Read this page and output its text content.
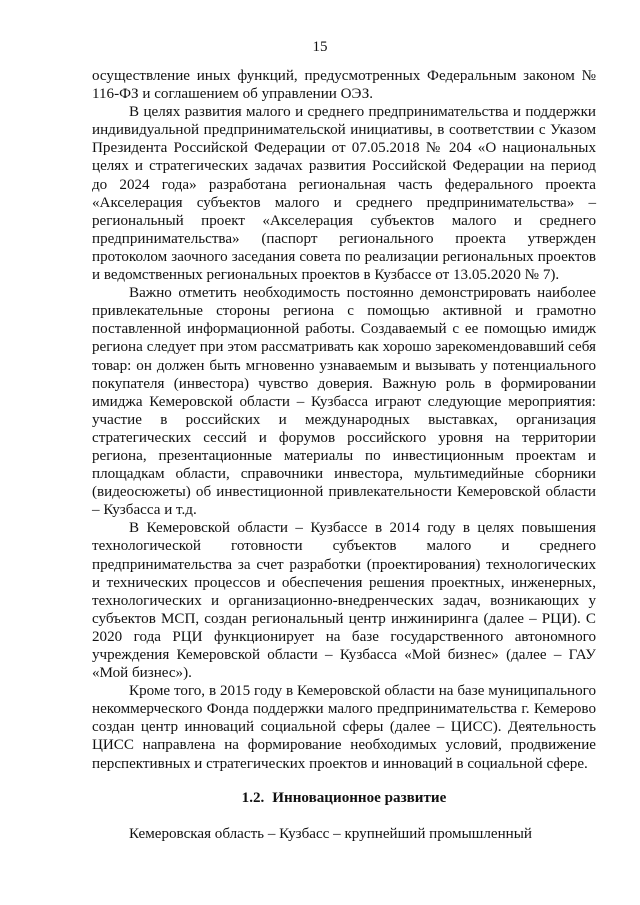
15

осуществление иных функций, предусмотренных Федеральным законом № 116-ФЗ и соглашением об управлении ОЭЗ.

В целях развития малого и среднего предпринимательства и поддержки индивидуальной предпринимательской инициативы, в соответствии с Указом Президента Российской Федерации от 07.05.2018 № 204 «О национальных целях и стратегических задачах развития Российской Федерации на период до 2024 года» разработана региональная часть федерального проекта «Акселерация субъектов малого и среднего предпринимательства» – региональный проект «Акселерация субъектов малого и среднего предпринимательства» (паспорт регионального проекта утвержден протоколом заочного заседания совета по реализации региональных проектов и ведомственных региональных проектов в Кузбассе от 13.05.2020 № 7).

Важно отметить необходимость постоянно демонстрировать наиболее привлекательные стороны региона с помощью активной и грамотно поставленной информационной работы. Создаваемый с ее помощью имидж региона следует при этом рассматривать как хорошо зарекомендовавший себя товар: он должен быть мгновенно узнаваемым и вызывать у потенциального покупателя (инвестора) чувство доверия. Важную роль в формировании имиджа Кемеровской области – Кузбасса играют следующие мероприятия: участие в российских и международных выставках, организация стратегических сессий и форумов российского уровня на территории региона, презентационные материалы по инвестиционным проектам и площадкам области, справочники инвестора, мультимедийные сборники (видеосюжеты) об инвестиционной привлекательности Кемеровской области – Кузбасса и т.д.

В Кемеровской области – Кузбассе в 2014 году в целях повышения технологической готовности субъектов малого и среднего предпринимательства за счет разработки (проектирования) технологических и технических процессов и обеспечения решения проектных, инженерных, технологических и организационно-внедренческих задач, возникающих у субъектов МСП, создан региональный центр инжиниринга (далее – РЦИ). С 2020 года РЦИ функционирует на базе государственного автономного учреждения Кемеровской области – Кузбасса «Мой бизнес» (далее – ГАУ «Мой бизнес»).

Кроме того, в 2015 году в Кемеровской области на базе муниципального некоммерческого Фонда поддержки малого предпринимательства г. Кемерово создан центр инноваций социальной сферы (далее – ЦИСС). Деятельность ЦИСС направлена на формирование необходимых условий, продвижение перспективных и стратегических проектов и инноваций в социальной сфере.

1.2. Инновационное развитие

Кемеровская область – Кузбасс – крупнейший промышленный
